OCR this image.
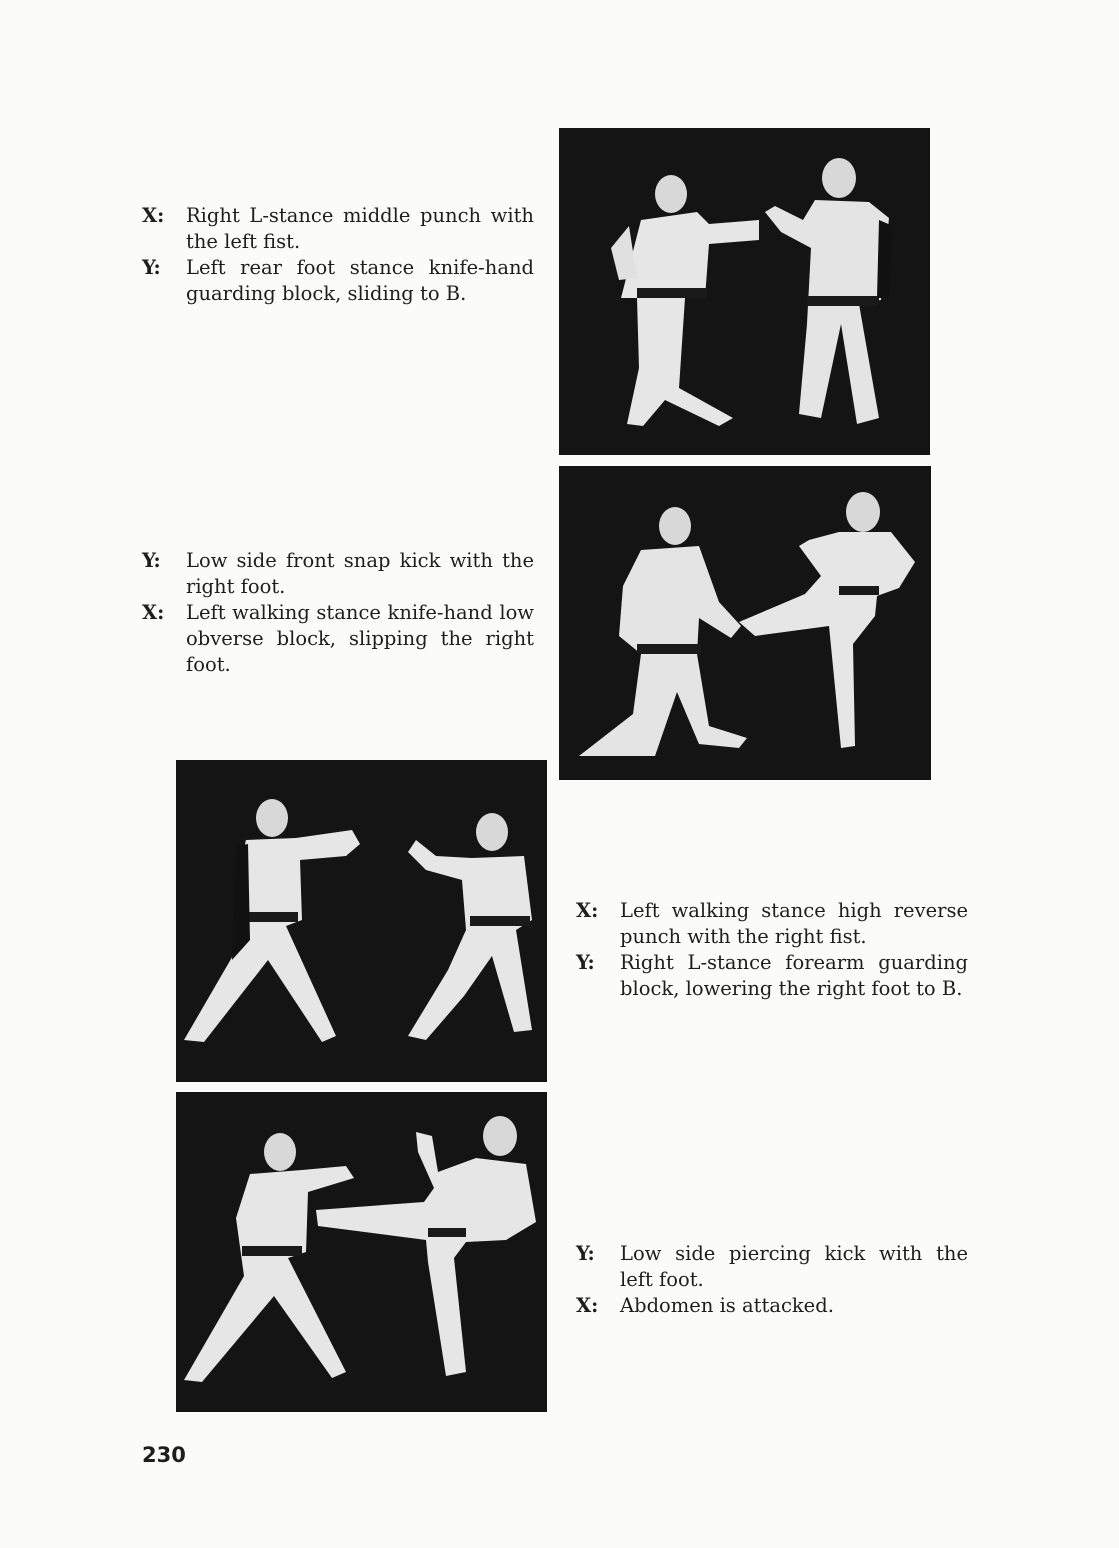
X: Right L-stance middle punch with the left fist.
Y: Left rear foot stance knife-hand guarding block, sliding to B.
Y: Low side front snap kick with the right foot.
X: Left walking stance knife-hand low obverse block, slipping the right foot.
X: Left walking stance high reverse punch with the right fist.
Y: Right L-stance forearm guarding block, lowering the right foot to B.
Y: Low side piercing kick with the left foot.
X: Abdomen is attacked.
230
